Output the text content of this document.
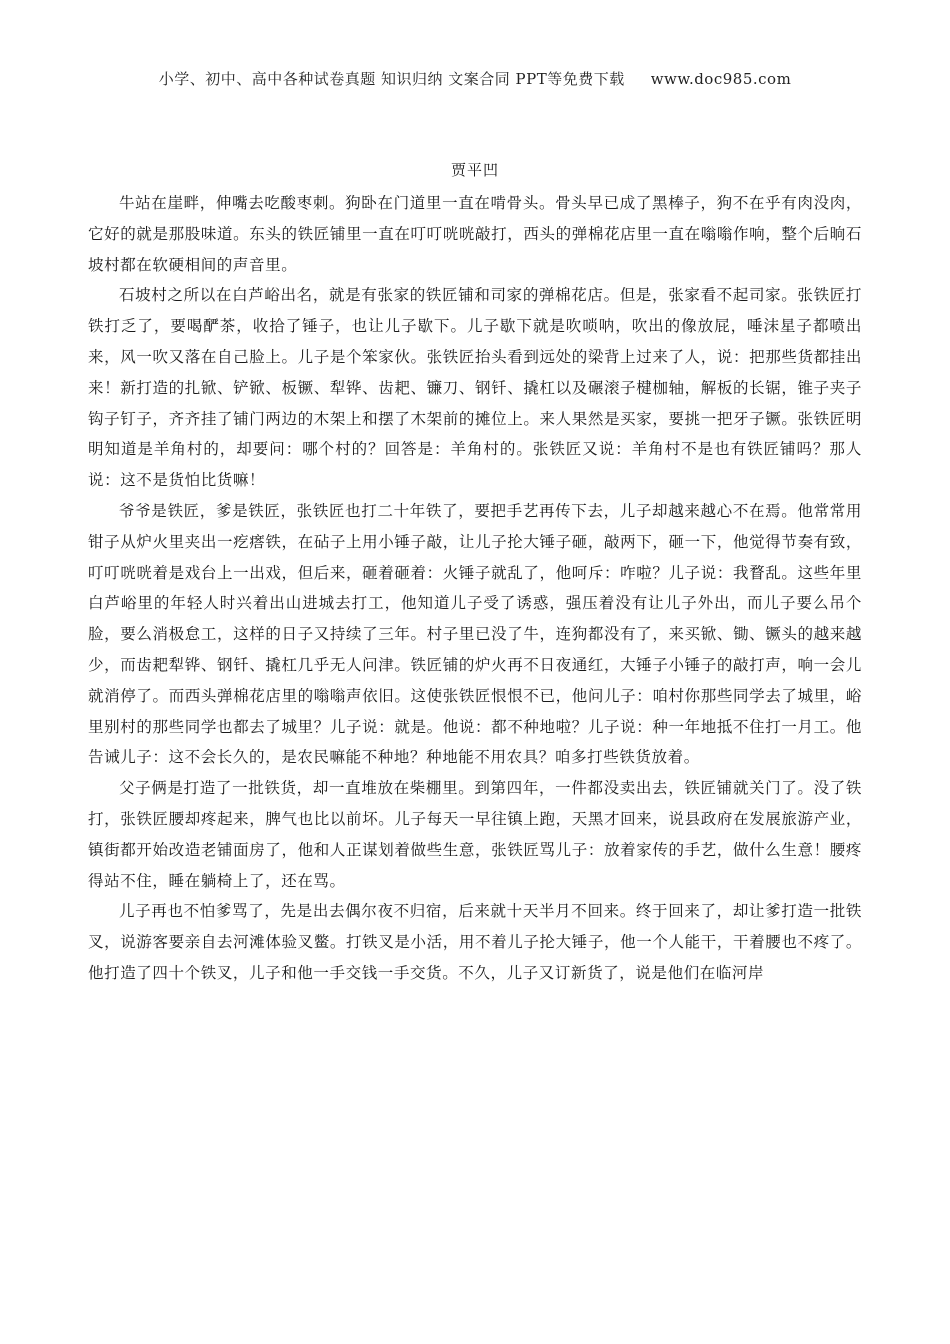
小学、初中、高中各种试卷真题 知识归纳 文案合同 PPT等免费下载 www.doc985.com
贾平凹

牛站在崖畔，伸嘴去吃酸枣刺。狗卧在门道里一直在啃骨头。骨头早已成了黑棒子，狗不在乎有肉没肉，它好的就是那股味道。东头的铁匠铺里一直在叮叮咣咣敲打，西头的弹棉花店里一直在嗡嗡作响，整个后晌石坡村都在软硬相间的声音里。

石坡村之所以在白芦峪出名，就是有张家的铁匠铺和司家的弹棉花店。但是，张家看不起司家。张铁匠打铁打乏了，要喝酽茶，收拾了锤子，也让儿子歇下。儿子歇下就是吹唢呐，吹出的像放屁，唾沫星子都喷出来，风一吹又落在自己脸上。儿子是个笨家伙。张铁匠抬头看到远处的梁背上过来了人，说：把那些货都挂出来！新打造的扎锨、铲锨、板镢、犁铧、齿耙、镰刀、钢钎、撬杠以及碾滚子楗枷轴，解板的长锯，锥子夹子钩子钉子，齐齐挂了铺门两边的木架上和摆了木架前的摊位上。来人果然是买家，要挑一把牙子镢。张铁匠明明知道是羊角村的，却要问：哪个村的？回答是：羊角村的。张铁匠又说：羊角村不是也有铁匠铺吗？那人说：这不是货怕比货嘛！

爷爷是铁匠，爹是铁匠，张铁匠也打二十年铁了，要把手艺再传下去，儿子却越来越心不在焉。他常常用钳子从炉火里夹出一疙瘩铁，在砧子上用小锤子敲，让儿子抡大锤子砸，敲两下，砸一下，他觉得节奏有致，叮叮咣咣着是戏台上一出戏，但后来，砸着砸着：火锤子就乱了，他呵斥：咋啦？儿子说：我瞀乱。这些年里白芦峪里的年轻人时兴着出山进城去打工，他知道儿子受了诱惑，强压着没有让儿子外出，而儿子要么吊个脸，要么消极怠工，这样的日子又持续了三年。村子里已没了牛，连狗都没有了，来买锨、锄、镢头的越来越少，而齿耙犁铧、钢钎、撬杠几乎无人问津。铁匠铺的炉火再不日夜通红，大锤子小锤子的敲打声，响一会儿就消停了。而西头弹棉花店里的嗡嗡声依旧。这使张铁匠恨恨不已，他问儿子：咱村你那些同学去了城里，峪里别村的那些同学也都去了城里？儿子说：就是。他说：都不种地啦？儿子说：种一年地抵不住打一月工。他告诫儿子：这不会长久的，是农民嘛能不种地？种地能不用农具？咱多打些铁货放着。

父子俩是打造了一批铁货，却一直堆放在柴棚里。到第四年，一件都没卖出去，铁匠铺就关门了。没了铁打，张铁匠腰却疼起来，脾气也比以前坏。儿子每天一早往镇上跑，天黑才回来，说县政府在发展旅游产业，镇街都开始改造老铺面房了，他和人正谋划着做些生意，张铁匠骂儿子：放着家传的手艺，做什么生意！腰疼得站不住，睡在躺椅上了，还在骂。

儿子再也不怕爹骂了，先是出去偶尔夜不归宿，后来就十天半月不回来。终于回来了，却让爹打造一批铁叉，说游客要亲自去河滩体验叉鳖。打铁叉是小活，用不着儿子抡大锤子，他一个人能干，干着腰也不疼了。他打造了四十个铁叉，儿子和他一手交钱一手交货。不久，儿子又订新货了，说是他们在临河岸
